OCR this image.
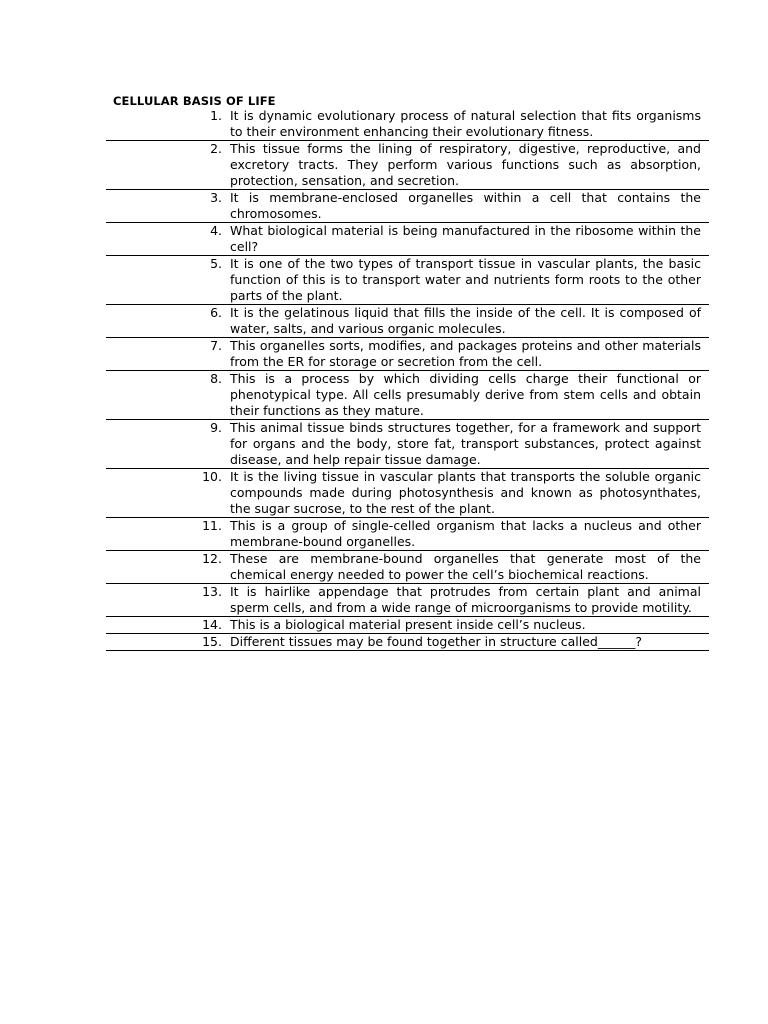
CELLULAR BASIS OF LIFE
1. It is dynamic evolutionary process of natural selection that fits organisms to their environment enhancing their evolutionary fitness.
2. This tissue forms the lining of respiratory, digestive, reproductive, and excretory tracts. They perform various functions such as absorption, protection, sensation, and secretion.
3. It is membrane-enclosed organelles within a cell that contains the chromosomes.
4. What biological material is being manufactured in the ribosome within the cell?
5. It is one of the two types of transport tissue in vascular plants, the basic function of this is to transport water and nutrients form roots to the other parts of the plant.
6. It is the gelatinous liquid that fills the inside of the cell. It is composed of water, salts, and various organic molecules.
7. This organelles sorts, modifies, and packages proteins and other materials from the ER for storage or secretion from the cell.
8. This is a process by which dividing cells charge their functional or phenotypical type. All cells presumably derive from stem cells and obtain their functions as they mature.
9. This animal tissue binds structures together, for a framework and support for organs and the body, store fat, transport substances, protect against disease, and help repair tissue damage.
10. It is the living tissue in vascular plants that transports the soluble organic compounds made during photosynthesis and known as photosynthates, the sugar sucrose, to the rest of the plant.
11. This is a group of single-celled organism that lacks a nucleus and other membrane-bound organelles.
12. These are membrane-bound organelles that generate most of the chemical energy needed to power the cell’s biochemical reactions.
13. It is hairlike appendage that protrudes from certain plant and animal sperm cells, and from a wide range of microorganisms to provide motility.
14. This is a biological material present inside cell’s nucleus.
15. Different tissues may be found together in structure called______?
